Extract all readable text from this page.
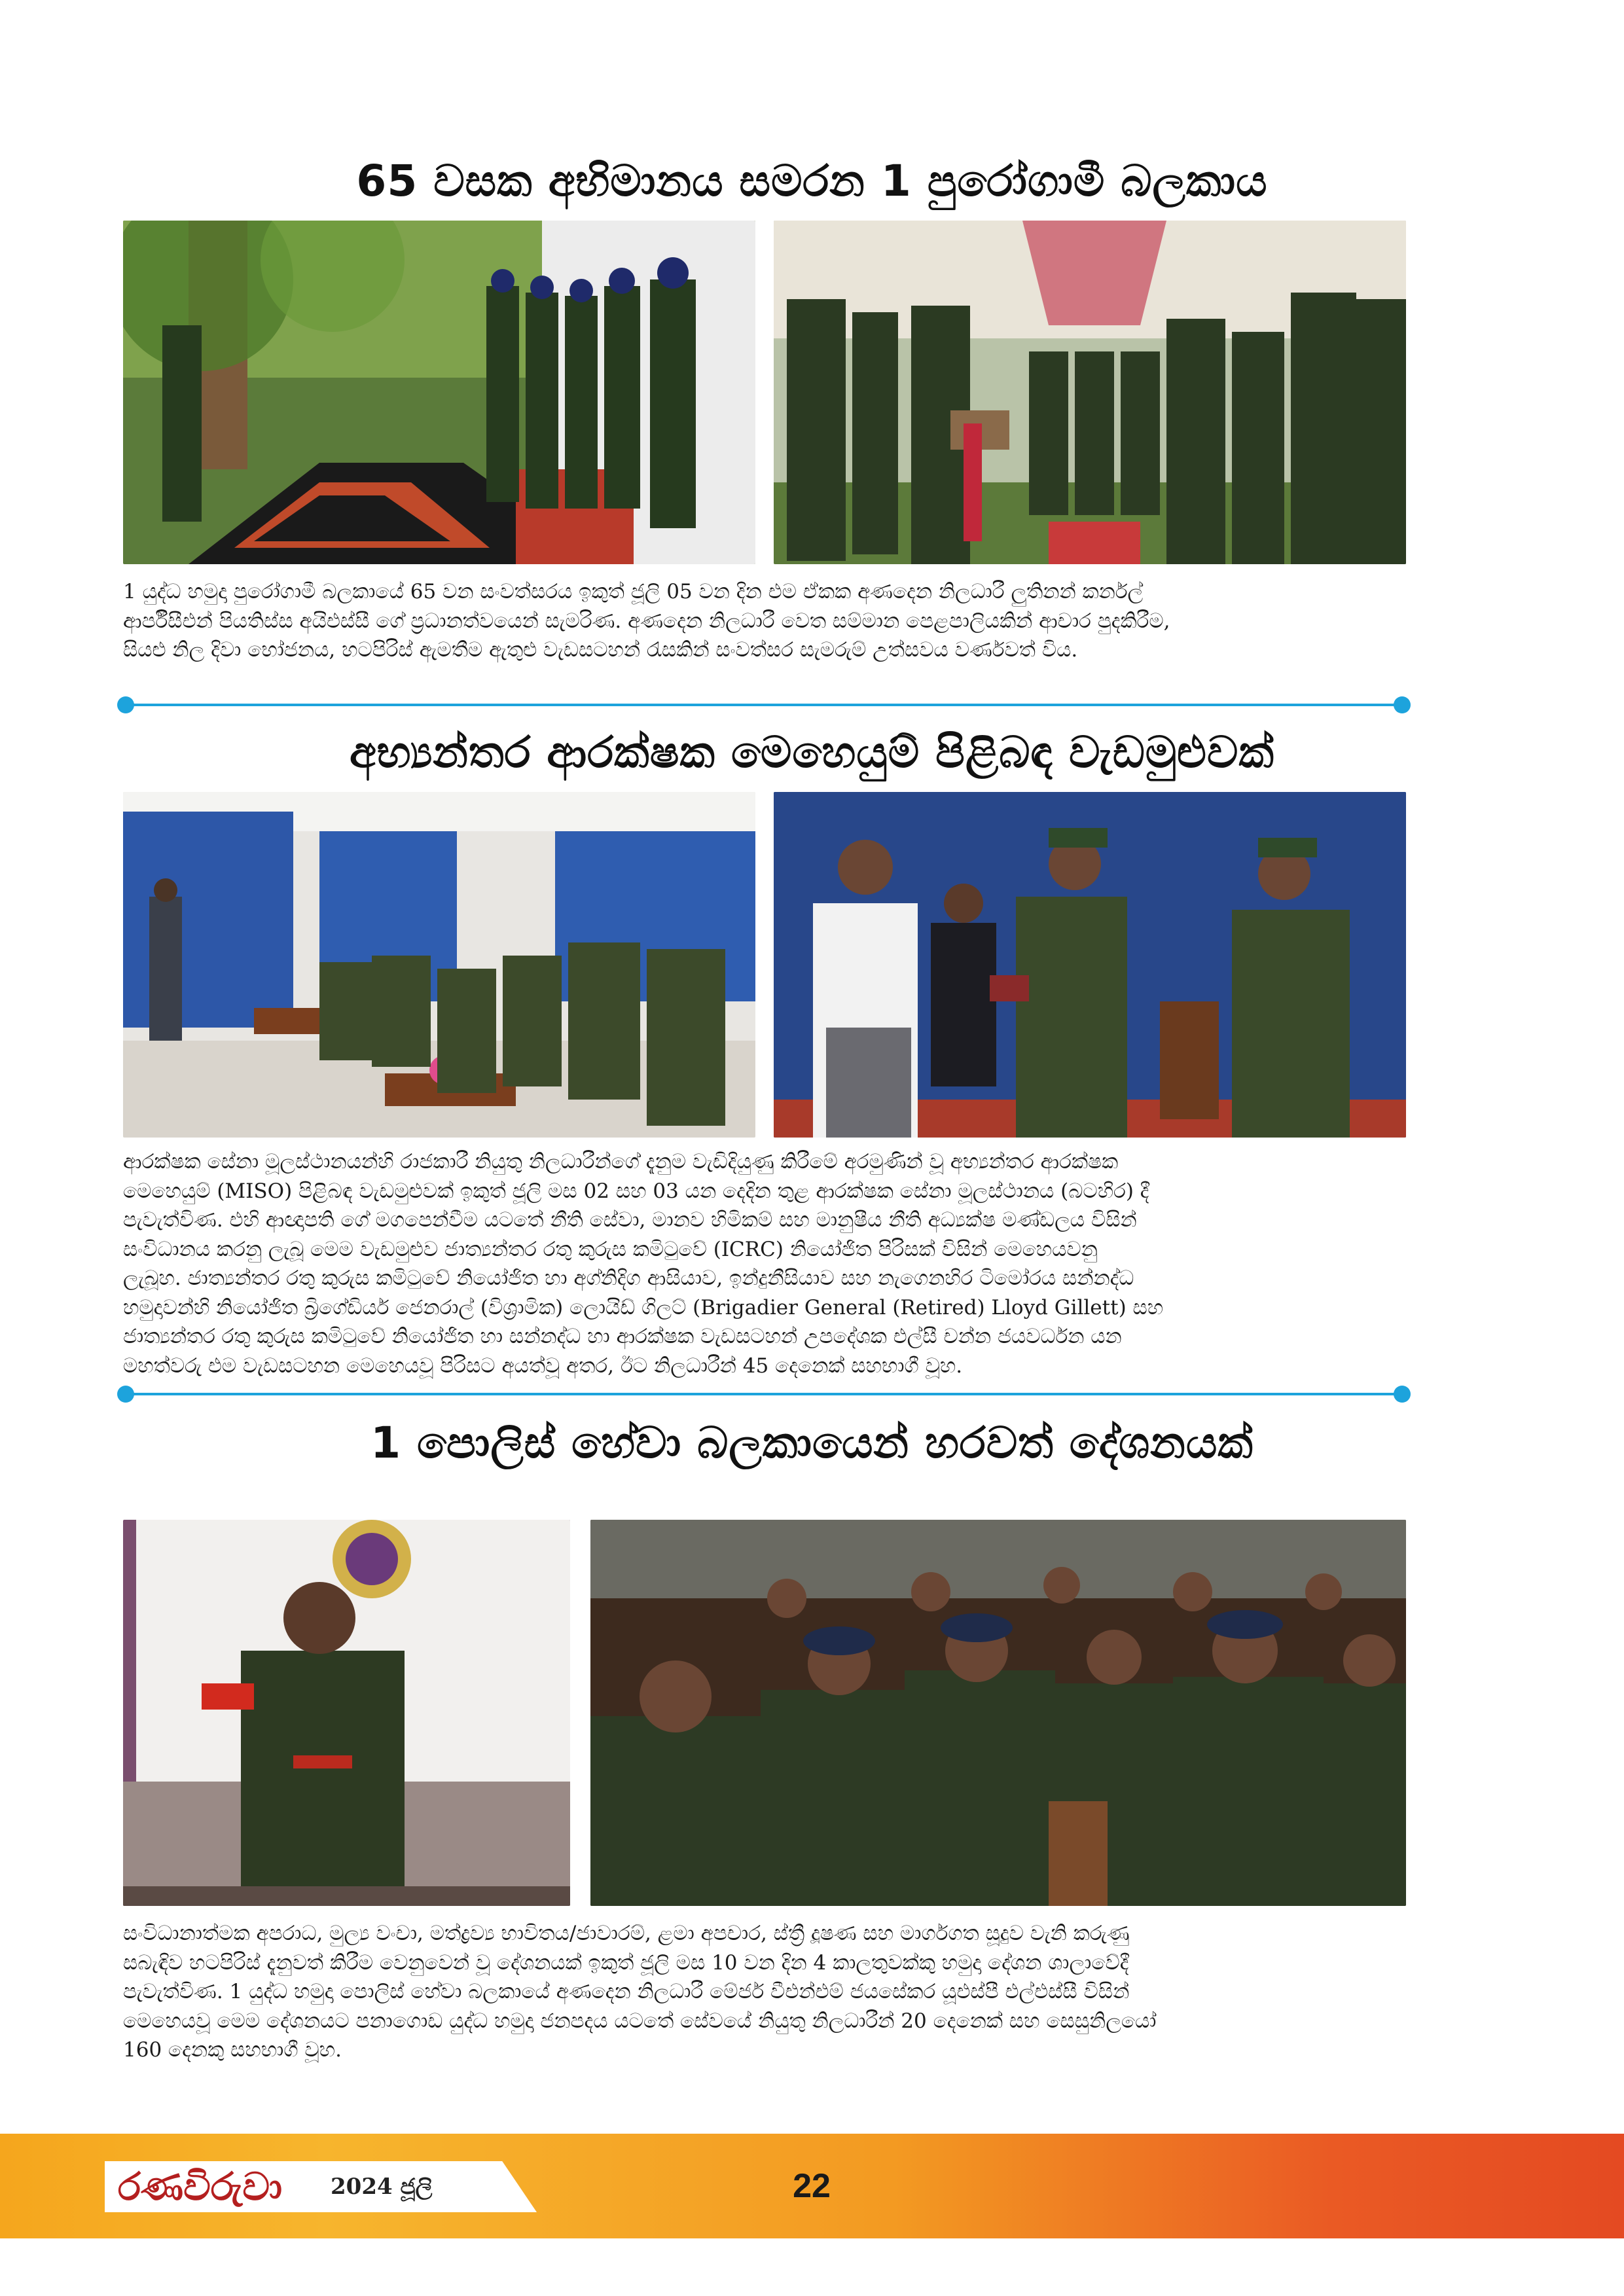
65 වසක අභිමානය සමරන 1 පුරෝගාමී බලකාය

1 යුද්ධ හමුදා පුරෝගාමී බලකායේ 65 වන සංවත්සරය ඉකුත් ජූලි 05 වන දින එම ඒකක අණදෙන නිලධාරී ලුතිනන් කර්නල්
ආර්පීසීඑන් පියතිස්ස අයිඑස්සී ගේ ප්‍රධානත්වයෙන් සැමරිණ. අණදෙන නිලධාරී වෙත සම්මාන පෙළපාලියකින් ආචාර පුදකිරීම,
සියළු නිල දිවා භෝජනය, හටපිරිස් ඇමතීම ඇතුළු වැඩසටහන් රැසකින් සංවත්සර සැමරුම් උත්සවය වර්ණවත් විය.

අභ්‍යන්තර ආරක්ෂක මෙහෙයුම් පිළිබඳ වැඩමුළුවක්

ආරක්ෂක සේනා මූලස්ථානයන්හි රාජකාරී නියුතු නිලධාරීන්ගේ දැනුම වැඩිදියුණු කිරීමේ අරමුණින් වූ අභ්‍යන්තර ආරක්ෂක
මෙහෙයුම් (MISO) පිළිබඳ වැඩමුළුවක් ඉකුත් ජූලි මස 02 සහ 03 යන දෙදින තුළ ආරක්ෂක සේනා මූලස්ථානය (බටහිර) දී
පැවැත්විණ. එහි ආඥාපති ගේ මගපෙන්වීම යටතේ නීති සේවා, මානව හිමිකම් සහ මානුෂීය නීති අධ්‍යක්ෂ මණ්ඩලය විසින්
සංවිධානය කරනු ලැබූ මෙම වැඩමුළුව ජාත්‍යන්තර රතු කුරුස කමිටුවේ (ICRC) නියෝජිත පිරිසක් විසින් මෙහෙයවනු
ලැබූහ. ජාත්‍යන්තර රතු කුරුස කමිටුවේ නියෝජිත හා අග්නිදිග ආසියාව, ඉන්දුනීසියාව සහ නැගෙනහිර ටිමෝරය සන්නද්ධ
හමුදාවන්හි නියෝජිත බ්‍රිගේඩියර් ජෙනරාල් (විශ්‍රාමික) ලොයිඩ් ගිලට් (Brigadier General (Retired) Lloyd Gillett) සහ
ජාත්‍යන්තර රතු කුරුස කමිටුවේ නියෝජිත හා සන්නද්ධ හා ආරක්ෂක වැඩසටහන් උපදේශක එල්සී චන්න ජයවර්ධන යන
මහත්වරු එම වැඩසටහන මෙහෙයවූ පිරිසට අයත්වූ අතර, ඊට නිලධාරීන් 45 දෙනෙක් සහභාගී වූහ.

1 පොලිස් හේවා බලකායෙන් හරවත් දේශනයක්

සංවිධානාත්මක අපරාධ, මුල්‍ය වංචා, මත්ද්‍රව්‍ය භාවිතය/ජාවාරම්, ළමා අපචාර, ස්ත්‍රී දූෂණ සහ මාර්ගගත සූදුව වැනි කරුණු
සබැඳිව හටපිරිස් දැනුවත් කිරීම වෙනුවෙන් වූ දේශනයක් ඉකුත් ජූලි මස 10 වන දින 4 කාලතුවක්කු හමුදා දේශන ශාලාවේදී
පැවැත්විණ. 1 යුද්ධ හමුදා පොලිස් හේවා බලකායේ අණදෙන නිලධාරී මේජර් වීඑන්එම් ජයසේකර යූඑස්පී එල්එස්සී විසින්
මෙහෙයවූ මෙම දේශනයට පනාගොඩ යුද්ධ හමුදා ජනපදය යටතේ සේවයේ නියුතු නිලධාරීන් 20 දෙනෙක් සහ සෙසුනිලයෝ
160 දෙනකු සහභාගී වූහ.

රණවිරුවා 2024 ජූලි	22
